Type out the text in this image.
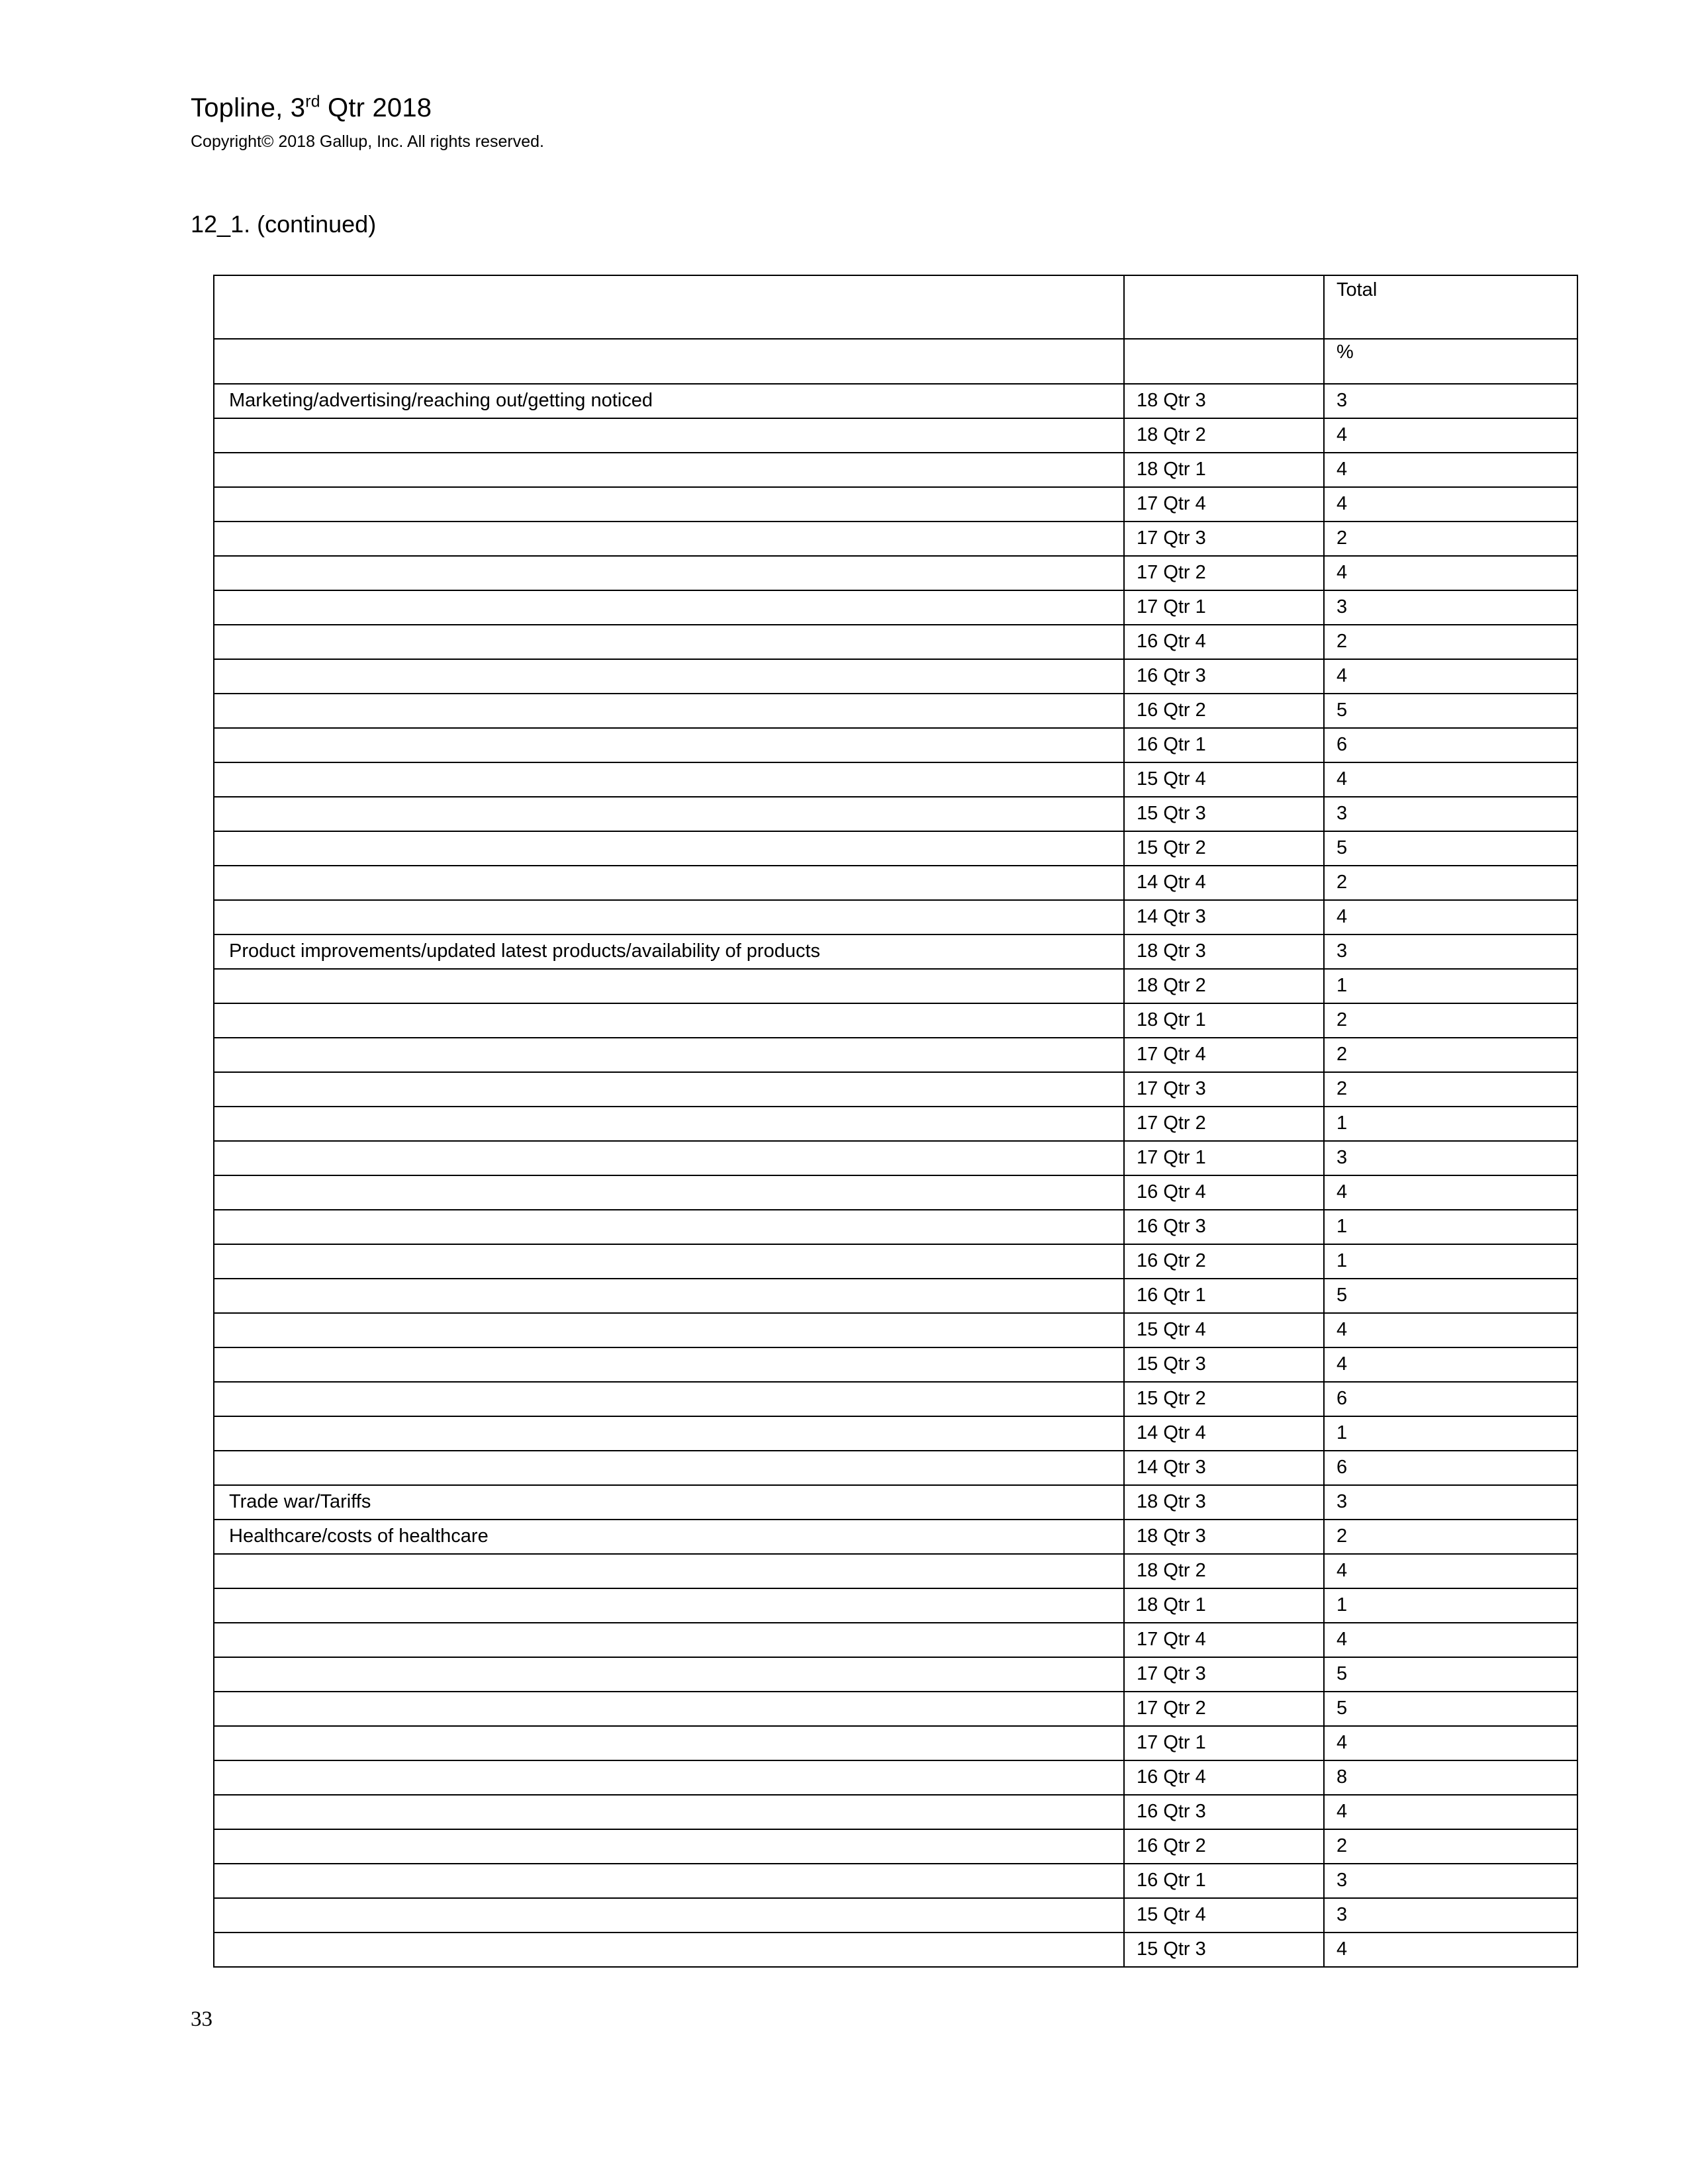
Topline, 3rd Qtr 2018
Copyright© 2018 Gallup, Inc. All rights reserved.
12_1. (continued)
		Total
		%
Marketing/advertising/reaching out/getting noticed	18 Qtr 3	3
	18 Qtr 2	4
	18 Qtr 1	4
	17 Qtr 4	4
	17 Qtr 3	2
	17 Qtr 2	4
	17 Qtr 1	3
	16 Qtr 4	2
	16 Qtr 3	4
	16 Qtr 2	5
	16 Qtr 1	6
	15 Qtr 4	4
	15 Qtr 3	3
	15 Qtr 2	5
	14 Qtr 4	2
	14 Qtr 3	4
Product improvements/updated latest products/availability of products	18 Qtr 3	3
	18 Qtr 2	1
	18 Qtr 1	2
	17 Qtr 4	2
	17 Qtr 3	2
	17 Qtr 2	1
	17 Qtr 1	3
	16 Qtr 4	4
	16 Qtr 3	1
	16 Qtr 2	1
	16 Qtr 1	5
	15 Qtr 4	4
	15 Qtr 3	4
	15 Qtr 2	6
	14 Qtr 4	1
	14 Qtr 3	6
Trade war/Tariffs	18 Qtr 3	3
Healthcare/costs of healthcare	18 Qtr 3	2
	18 Qtr 2	4
	18 Qtr 1	1
	17 Qtr 4	4
	17 Qtr 3	5
	17 Qtr 2	5
	17 Qtr 1	4
	16 Qtr 4	8
	16 Qtr 3	4
	16 Qtr 2	2
	16 Qtr 1	3
	15 Qtr 4	3
	15 Qtr 3	4
33
